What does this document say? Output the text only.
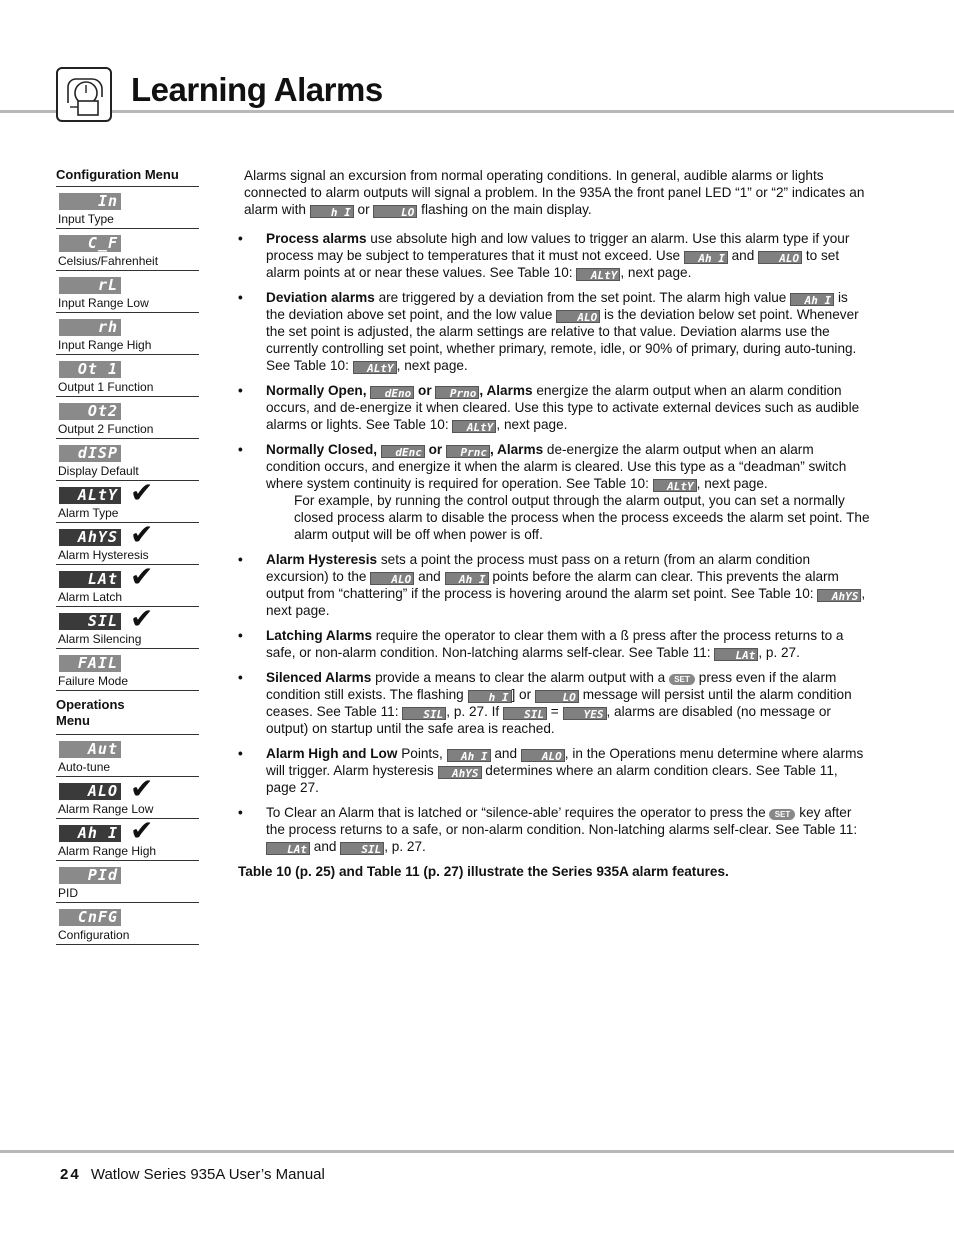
Learning Alarms
Configuration Menu
In
Input Type
C_F
Celsius/Fahrenheit
rL
Input Range Low
rh
Input Range High
Ot 1
Output 1 Function
Ot2
Output 2 Function
dISP
Display Default
ALtY ✔
Alarm Type
AhYS ✔
Alarm Hysteresis
LAt ✔
Alarm Latch
SIL ✔
Alarm Silencing
FAIL
Failure Mode
Operations Menu
Aut
Auto-tune
ALO ✔
Alarm Range Low
Ah I ✔
Alarm Range High
PId
PID
CnFG
Configuration

Alarms signal an excursion from normal operating conditions. In general, audible alarms or lights connected to alarm outputs will signal a problem. In the 935A the front panel LED “1” or “2” indicates an alarm with h I or	LO flashing on the main display.

• Process alarms use absolute high and low values to trigger an alarm. Use this alarm type if your process may be subject to temperatures that it must not exceed. Use Ah I and ALO to set alarm points at or near these values. See Table 10: ALtY , next page.
• Deviation alarms are triggered by a deviation from the set point. The alarm high value Ah I is the deviation above set point, and the low value ALO is the deviation below set point. Whenever the set point is adjusted, the alarm settings are relative to that value. Deviation alarms use the currently controlling set point, whether primary, remote, idle, or 90% of primary, during auto-tuning. See Table 10: ALtY , next page.
• Normally Open, dEno or Prno , Alarms energize the alarm output when an alarm condition occurs, and de-energize it when cleared. Use this type to activate external devices such as audible alarms or lights. See Table 10: ALtY , next page.
• Normally Closed, dEnc or Prnc , Alarms de-energize the alarm output when an alarm condition occurs, and energize it when the alarm is cleared. Use this type as a “deadman” switch where system continuity is required for operation. See Table 10: ALtY , next page.

For example, by running the control output through the alarm output, you can set a normally closed process alarm to disable the process when the process exceeds the alarm set point. The alarm output will be off when power is off.

• Alarm Hysteresis sets a point the process must pass on a return (from an alarm condition excursion) to the ALO and Ah I points before the alarm can clear. This prevents the alarm output from “chattering” if the process is hovering around the alarm set point. See Table 10: AhYS , next page.
• Latching Alarms require the operator to clear them with a ß press after the process returns to a safe, or non-alarm condition. Non-latching alarms self-clear. See Table 11: LAt , p. 27.
• Silenced Alarms provide a means to clear the alarm output with a SET press even if the alarm condition still exists. The flashing h I ] or	LO message will persist until the alarm condition ceases. See Table 11: SIL , p. 27. If SIL = YES , alarms are disabled (no message or output) on startup until the safe area is reached.
• Alarm High and Low Points, Ah I and ALO , in the Operations menu determine where alarms will trigger. Alarm hysteresis AhYS determines where an alarm condition clears. See Table 11, page 27.
• To Clear an Alarm that is latched or “silence-able’ requires the operator to press the SET key after the process returns to a safe, or non-alarm condition. Non-latching alarms self-clear. See Table 11: LAt and SIL , p. 27.

Table 10 (p. 25) and Table 11 (p. 27) illustrate the Series 935A alarm features.

24 Watlow Series 935A User’s Manual
